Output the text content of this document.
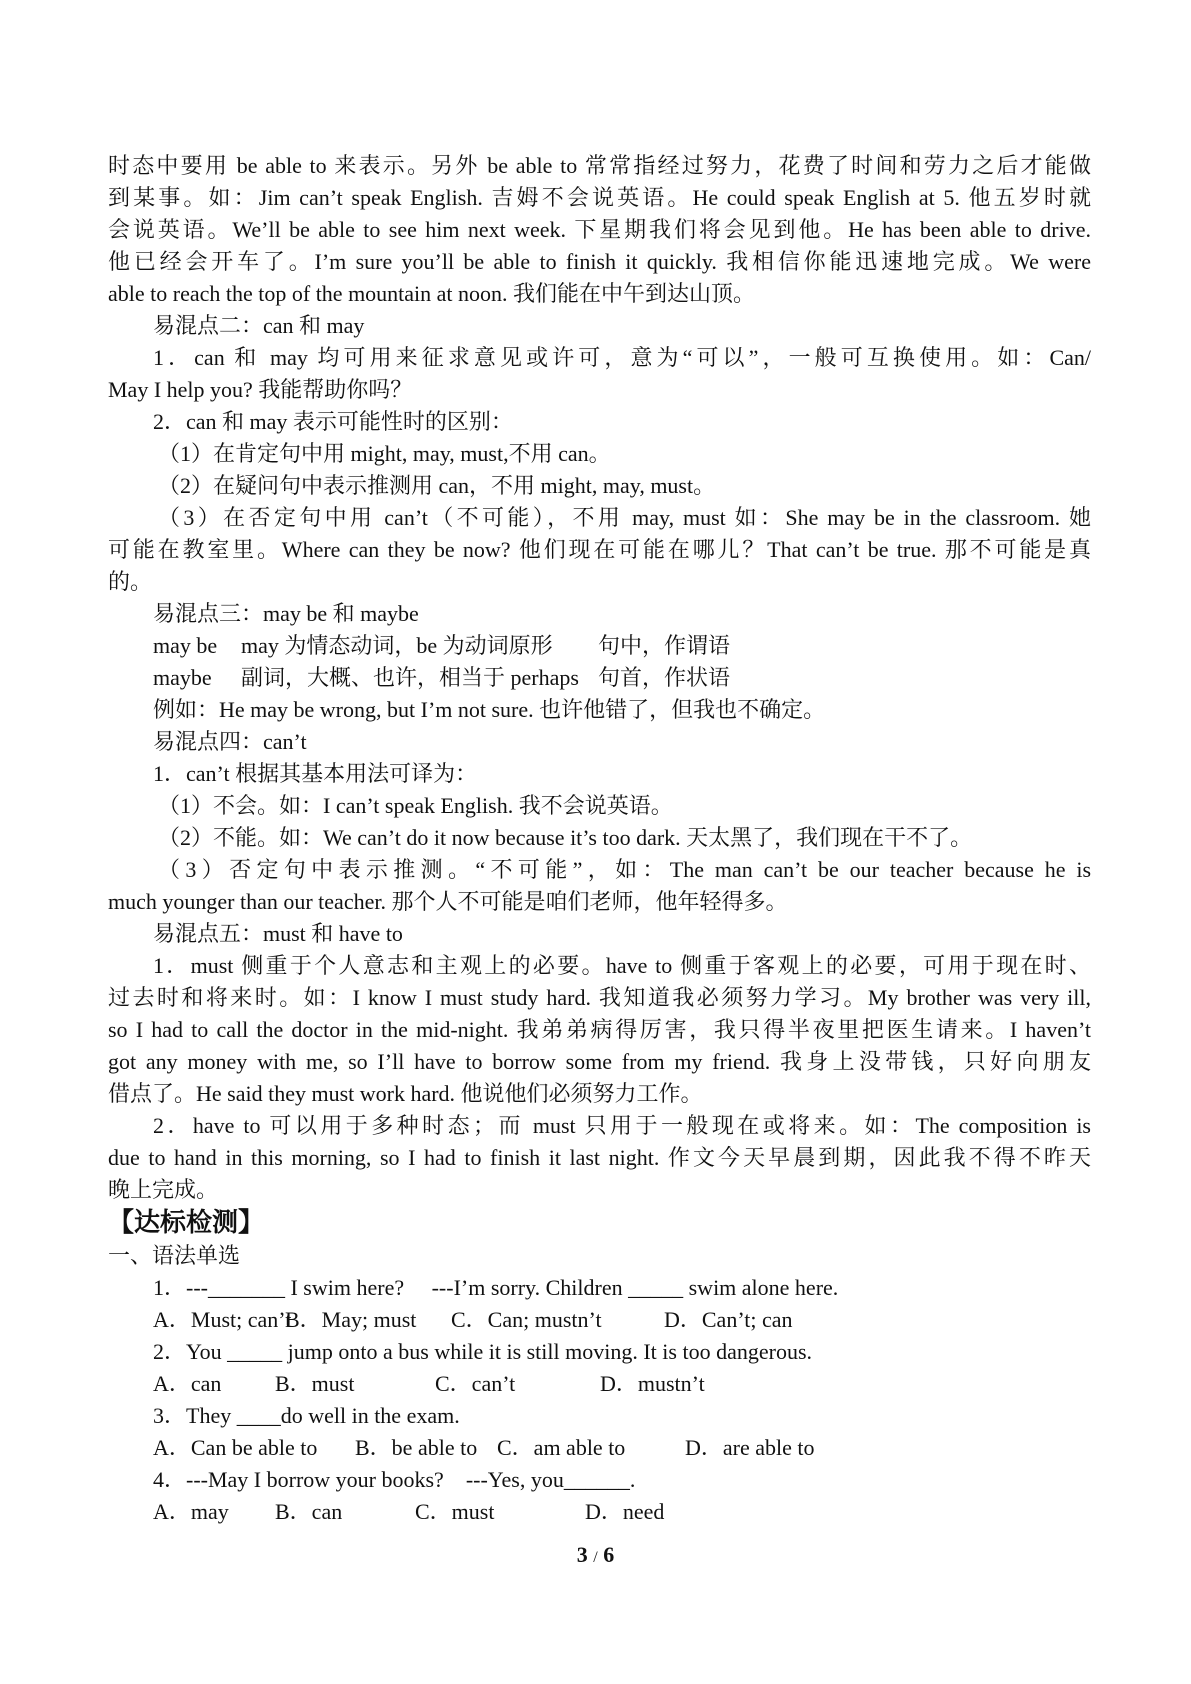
时态中要用 be able to 来表示。另外 be able to 常常指经过努力，花费了时间和劳力之后才能做
到某事。如：Jim can’t speak English. 吉姆不会说英语。He could speak English at 5. 他五岁时就
会说英语。We’ll be able to see him next week. 下星期我们将会见到他。He has been able to drive.
他已经会开车了。I’m sure you’ll be able to finish it quickly. 我相信你能迅速地完成。We were
able to reach the top of the mountain at noon. 我们能在中午到达山顶。
易混点二：can 和 may
1．can 和 may 均可用来征求意见或许可，意为“可以”，一般可互换使用。如：Can/
May I help you? 我能帮助你吗？
2．can 和 may 表示可能性时的区别：
（1）在肯定句中用 might, may, must,不用 can。
（2）在疑问句中表示推测用 can，不用 might, may, must。
（3）在否定句中用 can’t（不可能），不用 may, must 如：She may be in the classroom. 她
可能在教室里。Where can they be now? 他们现在可能在哪儿？That can’t be true. 那不可能是真
的。
易混点三：may be 和 maybe
may be may 为情态动词，be 为动词原形 句中，作谓语
maybe 副词，大概、也许，相当于 perhaps 句首，作状语
例如：He may be wrong, but I’m not sure. 也许他错了，但我也不确定。
易混点四：can’t
1．can’t 根据其基本用法可译为：
（1）不会。如：I can’t speak English. 我不会说英语。
（2）不能。如：We can’t do it now because it’s too dark. 天太黑了，我们现在干不了。
（3）否定句中表示推测。“不可能”，如：The man can’t be our teacher because he is
much younger than our teacher. 那个人不可能是咱们老师，他年轻得多。
易混点五：must 和 have to
1．must 侧重于个人意志和主观上的必要。have to 侧重于客观上的必要，可用于现在时、
过去时和将来时。如：I know I must study hard. 我知道我必须努力学习。My brother was very ill,
so I had to call the doctor in the mid-night. 我弟弟病得厉害，我只得半夜里把医生请来。I haven’t
got any money with me, so I’ll have to borrow some from my friend. 我身上没带钱，只好向朋友
借点了。He said they must work hard. 他说他们必须努力工作。
2．have to 可以用于多种时态；而 must 只用于一般现在或将来。如：The composition is
due to hand in this morning, so I had to finish it last night. 作文今天早晨到期，因此我不得不昨天
晚上完成。
【达标检测】
一、语法单选
1．---_______ I swim here?　 ---I’m sorry. Children _____ swim alone here.
A．Must; can’tB．May; must C．Can; mustn’t	D．Can’t; can
2．You _____ jump onto a bus while it is still moving. It is too dangerous.
A．can B．must	C．can’t	D．mustn’t
3．They ____do well in the exam.
A．Can be able to B．be able to C．am able to	D．are able to
4．---May I borrow your books?　---Yes, you______.
A．may B．can	C．must	D．need
3 / 6
